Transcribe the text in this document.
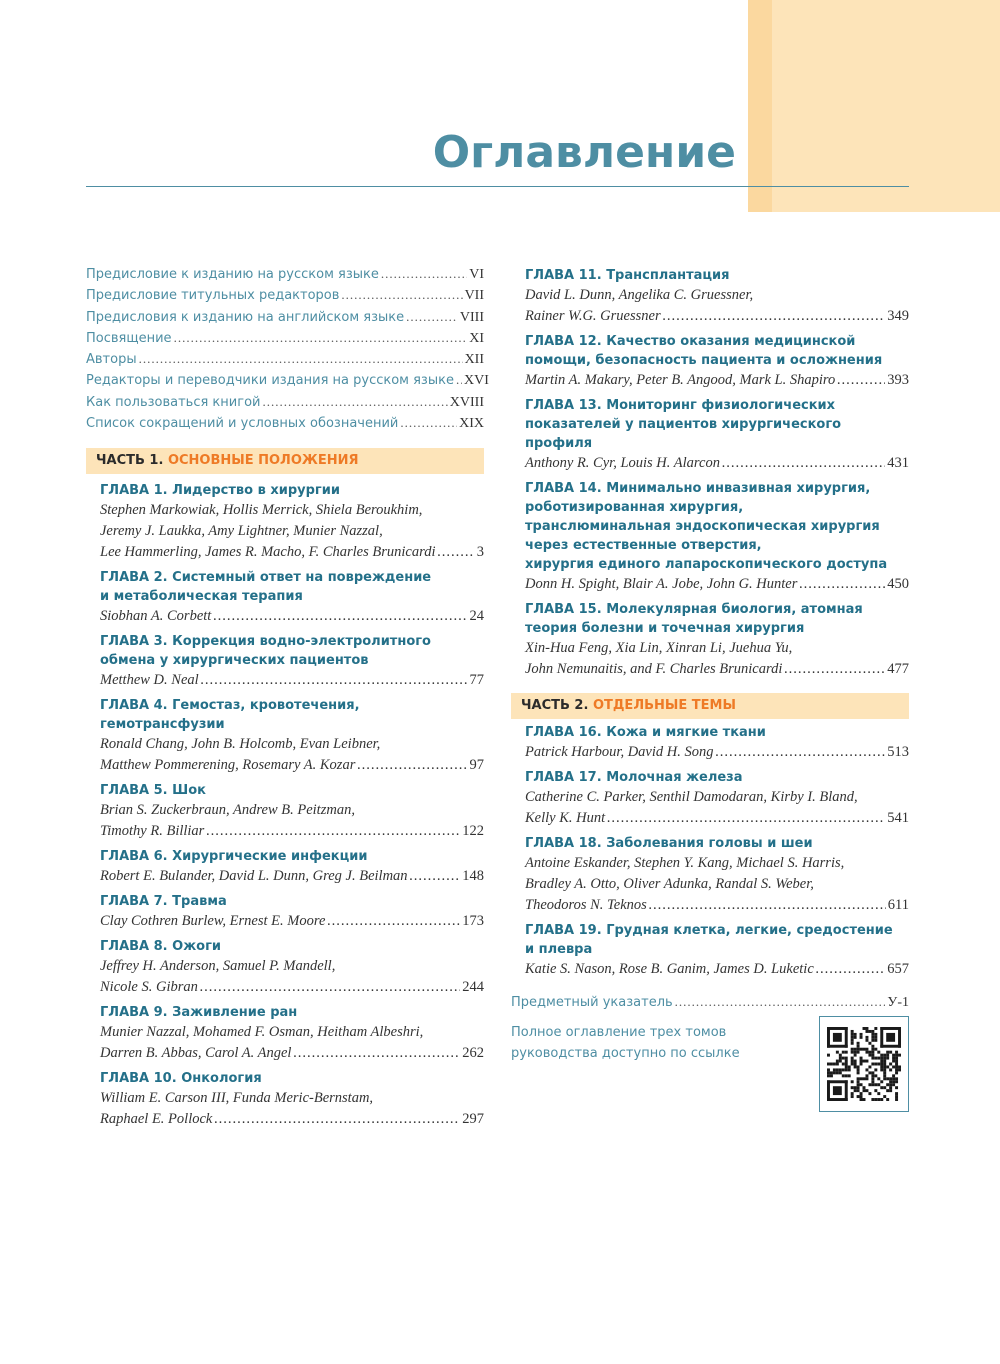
Оглавление
Предисловие к изданию на русском языке .....	VI
Предисловие титульных редакторов .....	VII
Предисловия к изданию на английском языке .....	VIII
Посвящение .....	XI
Авторы .....	XII
Редакторы и переводчики издания на русском языке ..... XVI
Как пользоваться книгой .....	XVIII
Список сокращений и условных обозначений .....	XIX
ЧАСТЬ 1. ОСНОВНЫЕ ПОЛОЖЕНИЯ
ГЛАВА 1. Лидерство в хирургии
Stephen Markowiak, Hollis Merrick, Shiela Beroukhim,
Jeremy J. Laukka, Amy Lightner, Munier Nazzal,
Lee Hammerling, James R. Macho, F. Charles Brunicardi .....	3
ГЛАВА 2. Системный ответ на повреждение
и метаболическая терапия
Siobhan A. Corbett .....	24
ГЛАВА 3. Коррекция водно-электролитного
обмена у хирургических пациентов
Metthew D. Neal .....	77
ГЛАВА 4. Гемостаз, кровотечения,
гемотрансфузии
Ronald Chang, John B. Holcomb, Evan Leibner,
Matthew Pommerening, Rosemary A. Kozar .....	97
ГЛАВА 5. Шок
Brian S. Zuckerbraun, Andrew B. Peitzman,
Timothy R. Billiar .....	122
ГЛАВА 6. Хирургические инфекции
Robert E. Bulander, David L. Dunn, Greg J. Beilman .....	148
ГЛАВА 7. Травма
Clay Cothren Burlew, Ernest E. Moore .....	173
ГЛАВА 8. Ожоги
Jeffrey H. Anderson, Samuel P. Mandell,
Nicole S. Gibran .....	244
ГЛАВА 9. Заживление ран
Munier Nazzal, Mohamed F. Osman, Heitham Albeshri,
Darren B. Abbas, Carol A. Angel .....	262
ГЛАВА 10. Онкология
William E. Carson III, Funda Meric-Bernstam,
Raphael E. Pollock .....	297
ГЛАВА 11. Трансплантация
David L. Dunn, Angelika C. Gruessner,
Rainer W.G. Gruessner .....	349
ГЛАВА 12. Качество оказания медицинской
помощи, безопасность пациента и осложнения
Martin A. Makary, Peter B. Angood, Mark L. Shapiro .....	393
ГЛАВА 13. Мониторинг физиологических
показателей у пациентов хирургического
профиля
Anthony R. Cyr, Louis H. Alarcon .....	431
ГЛАВА 14. Минимально инвазивная хирургия,
роботизированная хирургия,
транслюминальная эндоскопическая хирургия
через естественные отверстия,
хирургия единого лапароскопического доступа
Donn H. Spight, Blair A. Jobe, John G. Hunter .....	450
ГЛАВА 15. Молекулярная биология, атомная
теория болезни и точечная хирургия
Xin-Hua Feng, Xia Lin, Xinran Li, Juehua Yu,
John Nemunaitis, and F. Charles Brunicardi .....	477
ЧАСТЬ 2. ОТДЕЛЬНЫЕ ТЕМЫ
ГЛАВА 16. Кожа и мягкие ткани
Patrick Harbour, David H. Song .....	513
ГЛАВА 17. Молочная железа
Catherine C. Parker, Senthil Damodaran, Kirby I. Bland,
Kelly K. Hunt .....	541
ГЛАВА 18. Заболевания головы и шеи
Antoine Eskander, Stephen Y. Kang, Michael S. Harris,
Bradley A. Otto, Oliver Adunka, Randal S. Weber,
Theodoros N. Teknos .....	611
ГЛАВА 19. Грудная клетка, легкие, средостение
и плевра
Katie S. Nason, Rose B. Ganim, James D. Luketic .....	657
Предметный указатель .....	У-1
Полное оглавление трех томов
руководства доступно по ссылке
